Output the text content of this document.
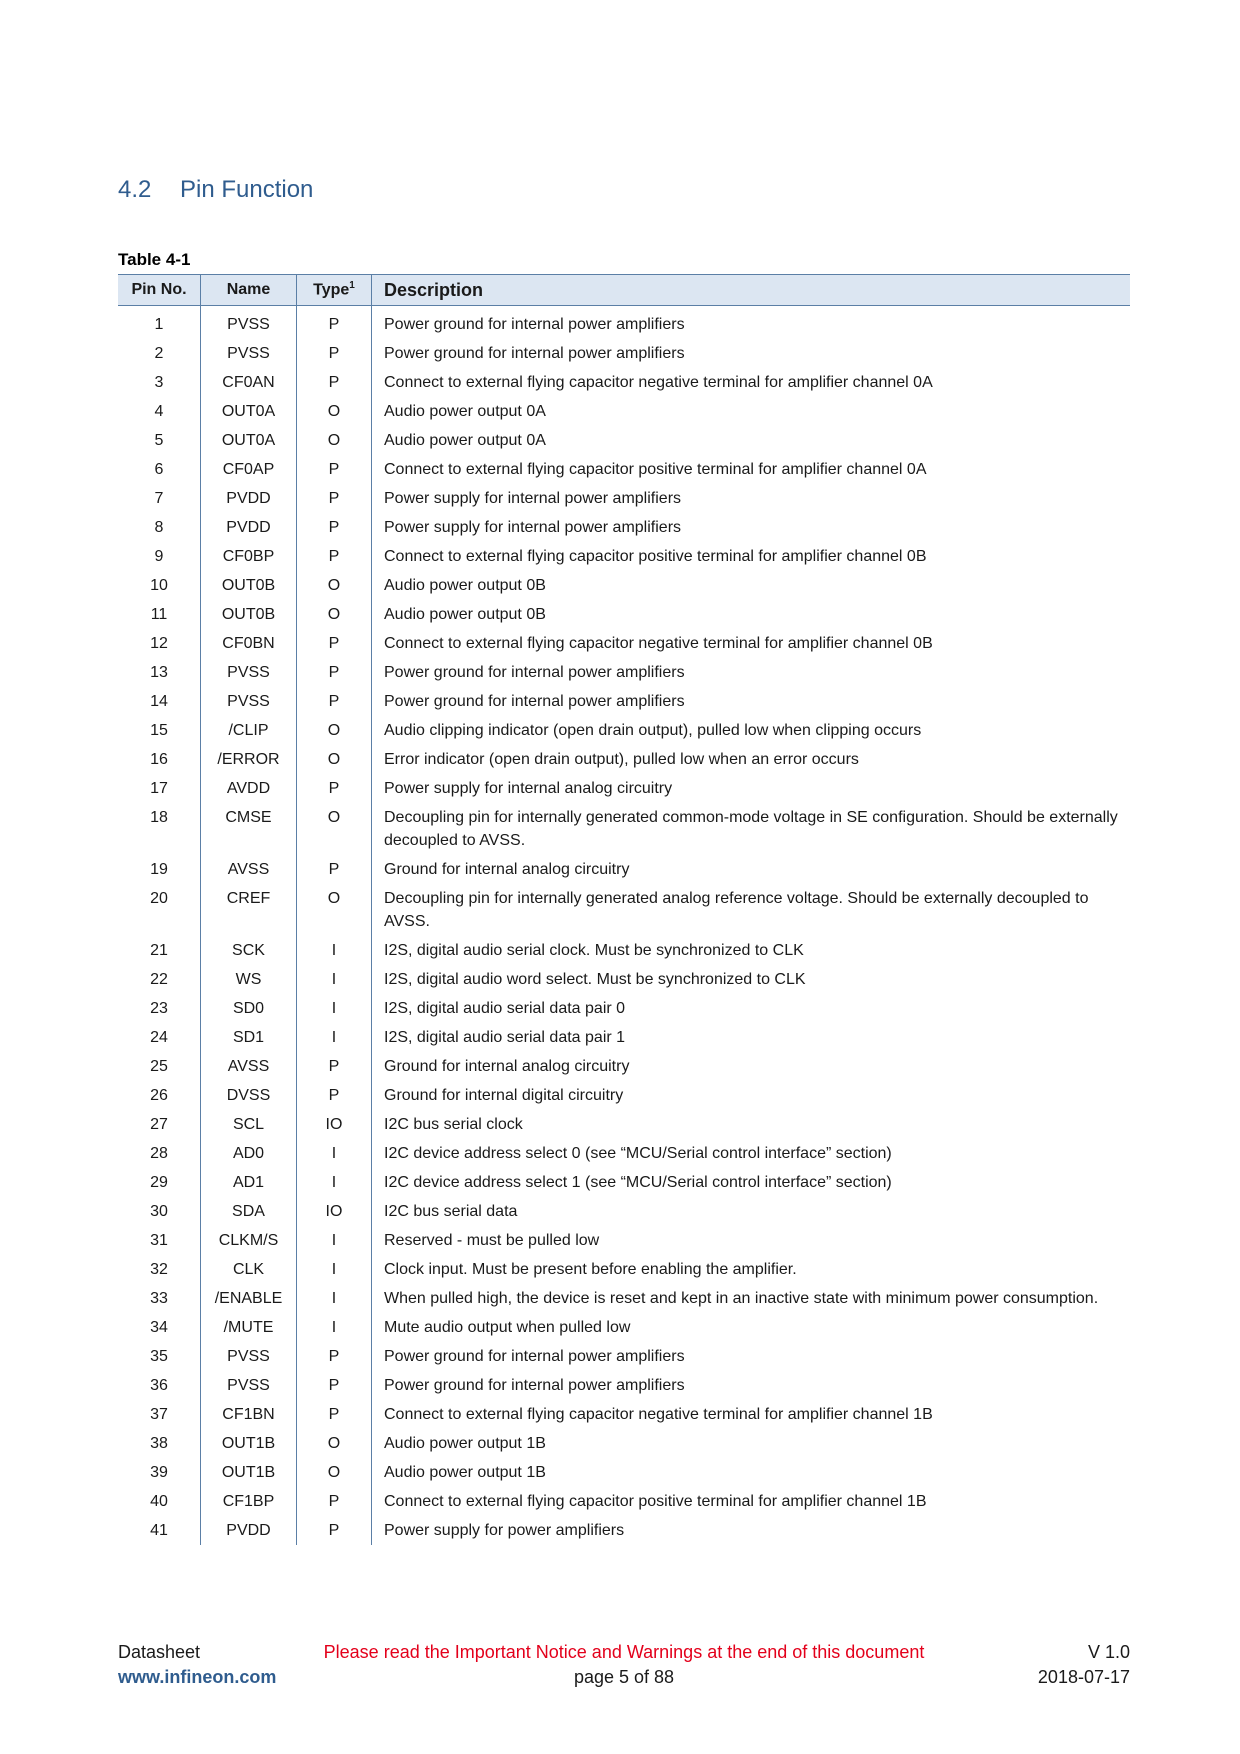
4.2 Pin Function
Table 4-1
Pin No.	Name	Type$^1$	Description
1	PVSS	P	Power ground for internal power amplifiers
2	PVSS	P	Power ground for internal power amplifiers
3	CF0AN	P	Connect to external flying capacitor negative terminal for amplifier channel 0A
4	OUT0A	O	Audio power output 0A
5	OUT0A	O	Audio power output 0A
6	CF0AP	P	Connect to external flying capacitor positive terminal for amplifier channel 0A
7	PVDD	P	Power supply for internal power amplifiers
8	PVDD	P	Power supply for internal power amplifiers
9	CF0BP	P	Connect to external flying capacitor positive terminal for amplifier channel 0B
10	OUT0B	O	Audio power output 0B
11	OUT0B	O	Audio power output 0B
12	CF0BN	P	Connect to external flying capacitor negative terminal for amplifier channel 0B
13	PVSS	P	Power ground for internal power amplifiers
14	PVSS	P	Power ground for internal power amplifiers
15	/CLIP	O	Audio clipping indicator (open drain output), pulled low when clipping occurs
16	/ERROR	O	Error indicator (open drain output), pulled low when an error occurs
17	AVDD	P	Power supply for internal analog circuitry
18	CMSE	O	Decoupling pin for internally generated common-mode voltage in SE configuration. Should be externally decoupled to AVSS.
19	AVSS	P	Ground for internal analog circuitry
20	CREF	O	Decoupling pin for internally generated analog reference voltage. Should be externally decoupled to AVSS.
21	SCK	I	I2S, digital audio serial clock. Must be synchronized to CLK
22	WS	I	I2S, digital audio word select. Must be synchronized to CLK
23	SD0	I	I2S, digital audio serial data pair 0
24	SD1	I	I2S, digital audio serial data pair 1
25	AVSS	P	Ground for internal analog circuitry
26	DVSS	P	Ground for internal digital circuitry
27	SCL	IO	I2C bus serial clock
28	AD0	I	I2C device address select 0 (see “MCU/Serial control interface” section)
29	AD1	I	I2C device address select 1 (see “MCU/Serial control interface” section)
30	SDA	IO	I2C bus serial data
31	CLKM/S	I	Reserved - must be pulled low
32	CLK	I	Clock input. Must be present before enabling the amplifier.
33	/ENABLE	I	When pulled high, the device is reset and kept in an inactive state with minimum power consumption.
34	/MUTE	I	Mute audio output when pulled low
35	PVSS	P	Power ground for internal power amplifiers
36	PVSS	P	Power ground for internal power amplifiers
37	CF1BN	P	Connect to external flying capacitor negative terminal for amplifier channel 1B
38	OUT1B	O	Audio power output 1B
39	OUT1B	O	Audio power output 1B
40	CF1BP	P	Connect to external flying capacitor positive terminal for amplifier channel 1B
41	PVDD	P	Power supply for power amplifiers
Datasheet	Please read the Important Notice and Warnings at the end of this document	V 1.0
www.infineon.com	page 5 of 88	2018-07-17
